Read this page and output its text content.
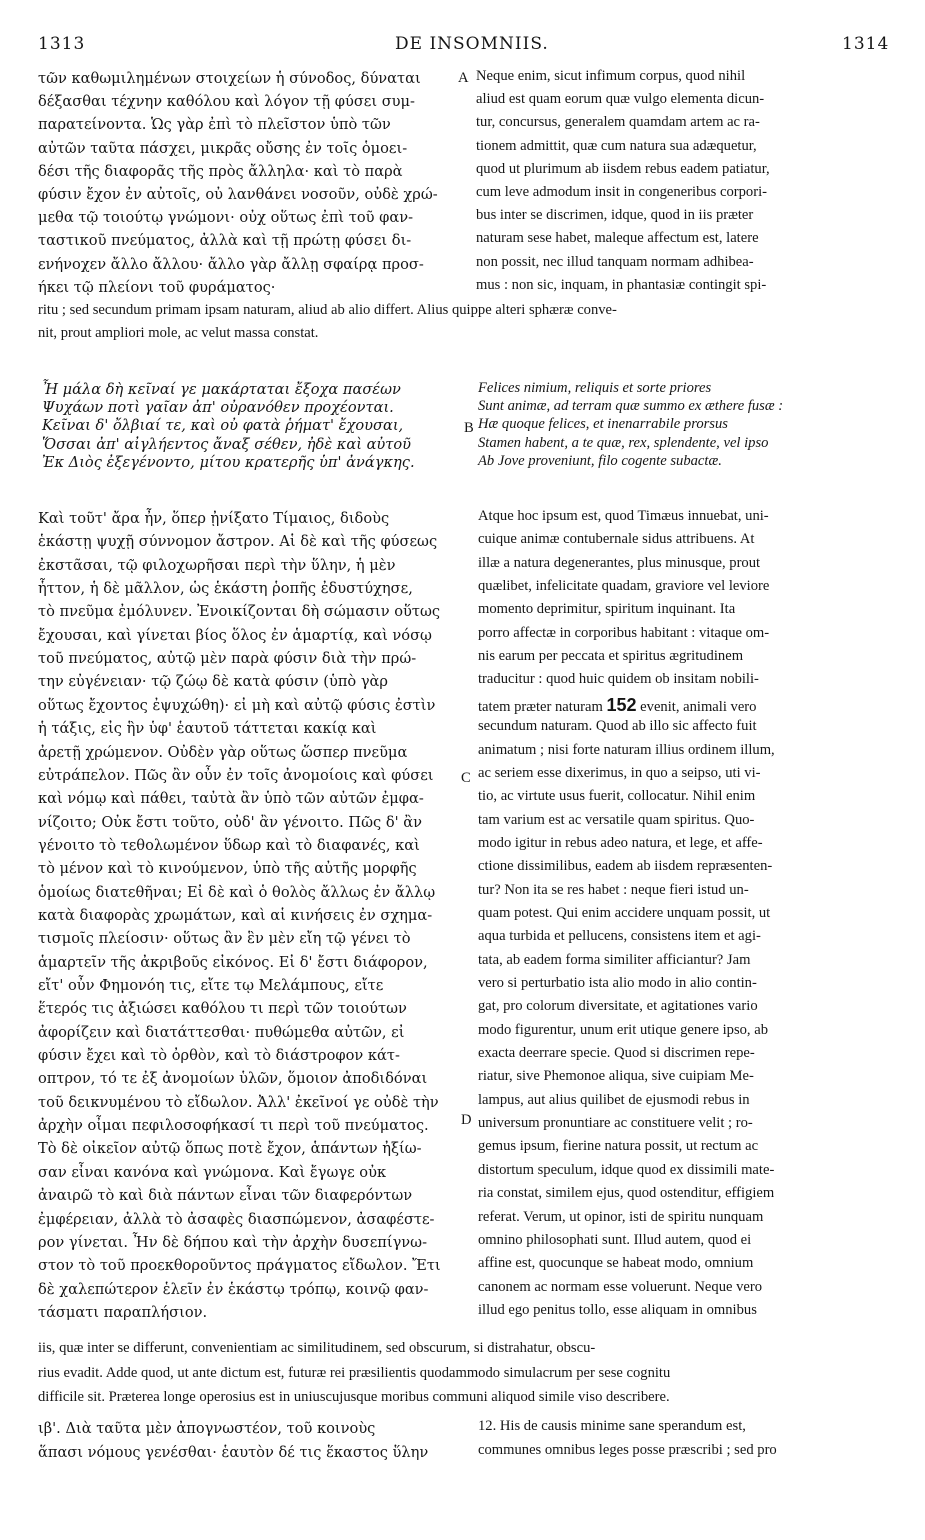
1313	DE INSOMNIIS.	1314
τῶν καθωμιλημένων στοιχείων ἡ σύνοδος, δύναται
δέξασθαι τέχνην καθόλου καὶ λόγον τῇ φύσει συμ-
παρατείνοντα. Ὡς γὰρ ἐπὶ τὸ πλεῖστον ὑπὸ τῶν
αὐτῶν ταῦτα πάσχει, μικρᾶς οὔσης ἐν τοῖς ὁμοει-
δέσι τῆς διαφορᾶς τῆς πρὸς ἄλληλα· καὶ τὸ παρὰ
φύσιν ἔχον ἐν αὐτοῖς, οὐ λανθάνει νοσοῦν, οὐδὲ χρώ-
μεθα τῷ τοιούτῳ γνώμονι· οὐχ οὕτως ἐπὶ τοῦ φαν-
ταστικοῦ πνεύματος, ἀλλὰ καὶ τῇ πρώτῃ φύσει δι-
ενήνοχεν ἄλλο ἄλλου· ἄλλο γὰρ ἄλλῃ σφαίρᾳ προσ-
ήκει τῷ πλείονι τοῦ φυράματος·
Neque enim, sicut infimum corpus, quod nihil
aliud est quam eorum quæ vulgo elementa dicun-
tur, concursus, generalem quamdam artem ac ra-
tionem admittit, quæ cum natura sua adæquetur,
quod ut plurimum ab iisdem rebus eadem patiatur,
cum leve admodum insit in congeneribus corpori-
bus inter se discrimen, idque, quod in iis præter
naturam sese habet, maleque affectum est, latere
non possit, nec illud tanquam normam adhibea-
mus : non sic, inquam, in phantasiæ contingit spi-
A
ritu ; sed secundum primam ipsam naturam, aliud ab alio differt. Alius quippe alteri sphæræ conve-
nit, prout ampliori mole, ac velut massa constat.
Ἦ μάλα δὴ κεῖναί γε μακάρταται ἔξοχα πασέων
Ψυχάων ποτὶ γαῖαν ἀπ' οὐρανόθεν προχέονται.
Κεῖναι δ' ὄλβιαί τε, καὶ οὐ φατὰ ῥήματ' ἔχουσαι,
Ὅσσαι ἀπ' αἰγλήεντος ἄναξ σέθεν, ἠδὲ καὶ αὐτοῦ
Ἐκ Διὸς ἐξεγένοντο, μίτου κρατερῆς ὑπ' ἀνάγκης.
Felices nimium, reliquis et sorte priores
Sunt animæ, ad terram quæ summo ex æthere fusæ :
Hæ quoque felices, et inenarrabile prorsus
Stamen habent, a te quæ, rex, splendente, vel ipso
Ab Jove proveniunt, filo cogente subactæ.
B
Καὶ τοῦτ' ἄρα ἦν, ὅπερ ᾐνίξατο Τίμαιος, διδοὺς
ἑκάστῃ ψυχῇ σύννομον ἄστρον. Αἱ δὲ καὶ τῆς φύσεως
ἐκστᾶσαι, τῷ φιλοχωρῆσαι περὶ τὴν ὕλην, ἡ μὲν
ἧττον, ἡ δὲ μᾶλλον, ὡς ἑκάστη ῥοπῆς ἐδυστύχησε,
τὸ πνεῦμα ἐμόλυνεν. Ἐνοικίζονται δὴ σώμασιν οὕτως
ἔχουσαι, καὶ γίνεται βίος ὅλος ἐν ἁμαρτίᾳ, καὶ νόσῳ
τοῦ πνεύματος, αὐτῷ μὲν παρὰ φύσιν διὰ τὴν πρώ-
την εὐγένειαν· τῷ ζώῳ δὲ κατὰ φύσιν (ὑπὸ γὰρ
οὕτως ἔχοντος ἐψυχώθη)· εἰ μὴ καὶ αὐτῷ φύσις ἐστὶν
ἡ τάξις, εἰς ἣν ὑφ' ἑαυτοῦ τάττεται κακίᾳ καὶ
ἀρετῇ χρώμενον. Οὐδὲν γὰρ οὕτως ὥσπερ πνεῦμα
εὐτράπελον. Πῶς ἂν οὖν ἐν τοῖς ἀνομοίοις καὶ φύσει
καὶ νόμῳ καὶ πάθει, ταὐτὰ ἂν ὑπὸ τῶν αὐτῶν ἐμφα-
νίζοιτο; Οὐκ ἔστι τοῦτο, οὐδ' ἂν γένοιτο. Πῶς δ' ἂν
γένοιτο τὸ τεθολωμένον ὕδωρ καὶ τὸ διαφανές, καὶ
τὸ μένον καὶ τὸ κινούμενον, ὑπὸ τῆς αὐτῆς μορφῆς
ὁμοίως διατεθῆναι; Εἰ δὲ καὶ ὁ θολὸς ἄλλως ἐν ἄλλῳ
κατὰ διαφορὰς χρωμάτων, καὶ αἱ κινήσεις ἐν σχημα-
τισμοῖς πλείοσιν· οὕτως ἂν ἓν μὲν εἴη τῷ γένει τὸ
ἁμαρτεῖν τῆς ἀκριβοῦς εἰκόνος. Εἰ δ' ἔστι διάφορον,
εἴτ' οὖν Φημονόη τις, εἴτε τῳ Μελάμπους, εἴτε
ἕτερός τις ἀξιώσει καθόλου τι περὶ τῶν τοιούτων
ἀφορίζειν καὶ διατάττεσθαι· πυθώμεθα αὐτῶν, εἰ
φύσιν ἔχει καὶ τὸ ὀρθὸν, καὶ τὸ διάστροφον κάτ-
οπτρον, τό τε ἐξ ἀνομοίων ὑλῶν, ὅμοιον ἀποδιδόναι
τοῦ δεικνυμένου τὸ εἴδωλον. Ἀλλ' ἐκεῖνοί γε οὐδὲ τὴν
ἀρχὴν οἶμαι πεφιλοσοφήκασί τι περὶ τοῦ πνεύματος.
Τὸ δὲ οἰκεῖον αὐτῷ ὅπως ποτὲ ἔχον, ἁπάντων ἠξίω-
σαν εἶναι κανόνα καὶ γνώμονα. Καὶ ἔγωγε οὐκ
ἀναιρῶ τὸ καὶ διὰ πάντων εἶναι τῶν διαφερόντων
ἐμφέρειαν, ἀλλὰ τὸ ἀσαφὲς διασπώμενον, ἀσαφέστε-
ρον γίνεται. Ἦν δὲ δήπου καὶ τὴν ἀρχὴν δυσεπίγνω-
στον τὸ τοῦ προεκθοροῦντος πράγματος εἴδωλον. Ἔτι
δὲ χαλεπώτερον ἑλεῖν ἐν ἑκάστῳ τρόπῳ, κοινῷ φαν-
τάσματι παραπλήσιον.
Atque hoc ipsum est, quod Timæus innuebat, uni-
cuique animæ contubernale sidus attribuens. At
illæ a natura degenerantes, plus minusque, prout
quælibet, infelicitate quadam, graviore vel leviore
momento deprimitur, spiritum inquinant. Ita
porro affectæ in corporibus habitant : vitaque om-
nis earum per peccata et spiritus ægritudinem
traducitur : quod huic quidem ob insitam nobili-
tatem præter naturam 152 evenit, animali vero
secundum naturam. Quod ab illo sic affecto fuit
animatum ; nisi forte naturam illius ordinem illum,
ac seriem esse dixerimus, in quo a seipso, uti vi-
tio, ac virtute usus fuerit, collocatur. Nihil enim
tam varium est ac versatile quam spiritus. Quo-
modo igitur in rebus adeo natura, et lege, et affe-
ctione dissimilibus, eadem ab iisdem repræsenten-
tur? Non ita se res habet : neque fieri istud un-
quam potest. Qui enim accidere unquam possit, ut
aqua turbida et pellucens, consistens item et agi-
tata, ab eadem forma similiter afficiantur? Jam
vero si perturbatio ista alio modo in alio contin-
gat, pro colorum diversitate, et agitationes vario
modo figurentur, unum erit utique genere ipso, ab
exacta deerrare specie. Quod si discrimen repe-
riatur, sive Phemonoe aliqua, sive cuipiam Me-
lampus, aut alius quilibet de ejusmodi rebus in
universum pronuntiare ac constituere velit ; ro-
gemus ipsum, fierine natura possit, ut rectum ac
distortum speculum, idque quod ex dissimili mate-
ria constat, similem ejus, quod ostenditur, effigiem
referat. Verum, ut opinor, isti de spiritu nunquam
omnino philosophati sunt. Illud autem, quod ei
affine est, quocunque se habeat modo, omnium
canonem ac normam esse voluerunt. Neque vero
illud ego penitus tollo, esse aliquam in omnibus
C
D
iis, quæ inter se differunt, convenientiam ac similitudinem, sed obscurum, si distrahatur, obscu-
rius evadit. Adde quod, ut ante dictum est, futuræ rei præsilientis quodammodo simulacrum per sese cognitu
difficile sit. Præterea longe operosius est in uniuscujusque moribus communi aliquod simile viso describere.
ιβ'. Διὰ ταῦτα μὲν ἀπογνωστέον, τοῦ κοινοὺς
ἅπασι νόμους γενέσθαι· ἑαυτὸν δέ τις ἕκαστος ὕλην
12. His de causis minime sane sperandum est,
communes omnibus leges posse præscribi ; sed pro
